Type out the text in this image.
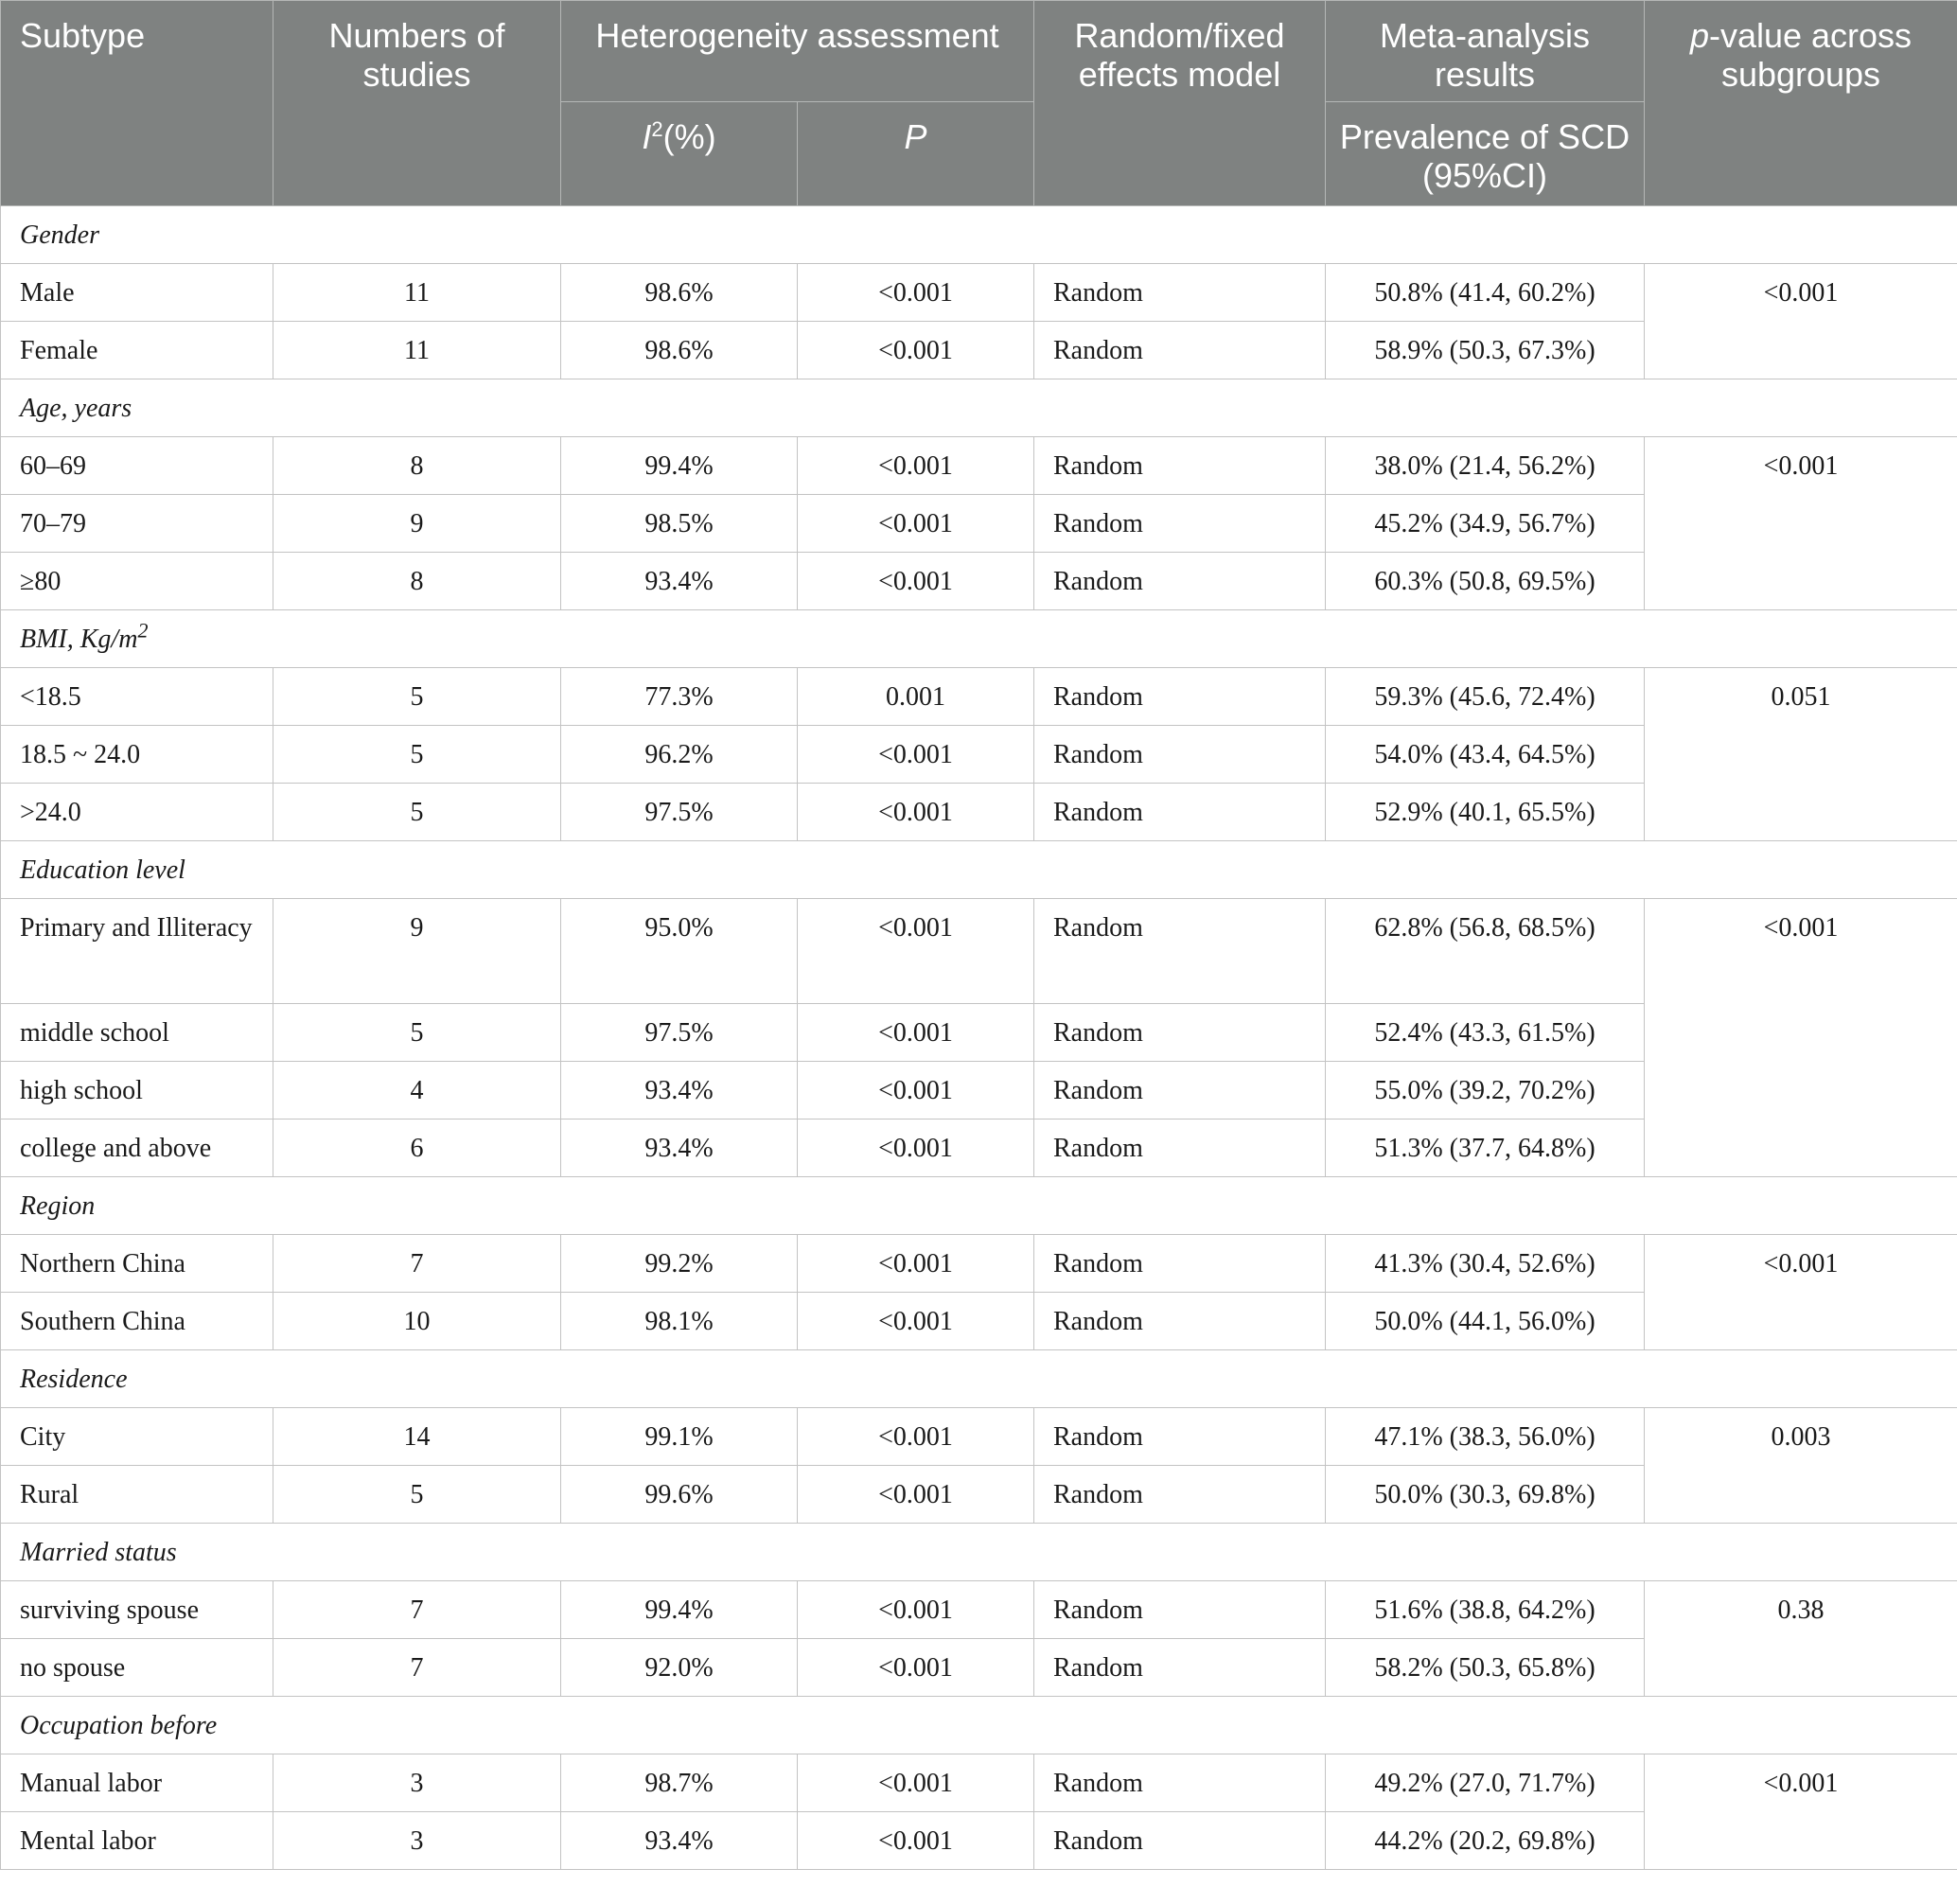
Subtype	Numbers of studies	Heterogeneity assessment		Random/fixed effects model	Meta-analysis results	p-value across subgroups
		$I^2(\%)$	P		Prevalence of SCD (95%CI)	
Gender						
Male	11	98.6%	<0.001	Random	50.8% (41.4, 60.2%)	<0.001
Female	11	98.6%	<0.001	Random	58.9% (50.3, 67.3%)	
Age, years						
60–69	8	99.4%	<0.001	Random	38.0% (21.4, 56.2%)	<0.001
70–79	9	98.5%	<0.001	Random	45.2% (34.9, 56.7%)	
≥80	8	93.4%	<0.001	Random	60.3% (50.8, 69.5%)	
BMI, $Kg/m^2$
<18.5	5	77.3%	0.001	Random	59.3% (45.6, 72.4%)	0.051
18.5 ~ 24.0	5	96.2%	<0.001	Random	54.0% (43.4, 64.5%)	
>24.0	5	97.5%	<0.001	Random	52.9% (40.1, 65.5%)	
Education level						
Primary and Illiteracy	9	95.0%	<0.001	Random	62.8% (56.8, 68.5%)	<0.001
middle school	5	97.5%	<0.001	Random	52.4% (43.3, 61.5%)	
high school	4	93.4%	<0.001	Random	55.0% (39.2, 70.2%)	
college and above	6	93.4%	<0.001	Random	51.3% (37.7, 64.8%)	
Region						
Northern China	7	99.2%	<0.001	Random	41.3% (30.4, 52.6%)	<0.001
Southern China	10	98.1%	<0.001	Random	50.0% (44.1, 56.0%)	
Residence						
City	14	99.1%	<0.001	Random	47.1% (38.3, 56.0%)	0.003
Rural	5	99.6%	<0.001	Random	50.0% (30.3, 69.8%)	
Married status						
surviving spouse	7	99.4%	<0.001	Random	51.6% (38.8, 64.2%)	0.38
no spouse	7	92.0%	<0.001	Random	58.2% (50.3, 65.8%)	
Occupation before						
Manual labor	3	98.7%	<0.001	Random	49.2% (27.0, 71.7%)	<0.001
Mental labor	3	93.4%	<0.001	Random	44.2% (20.2, 69.8%)	
